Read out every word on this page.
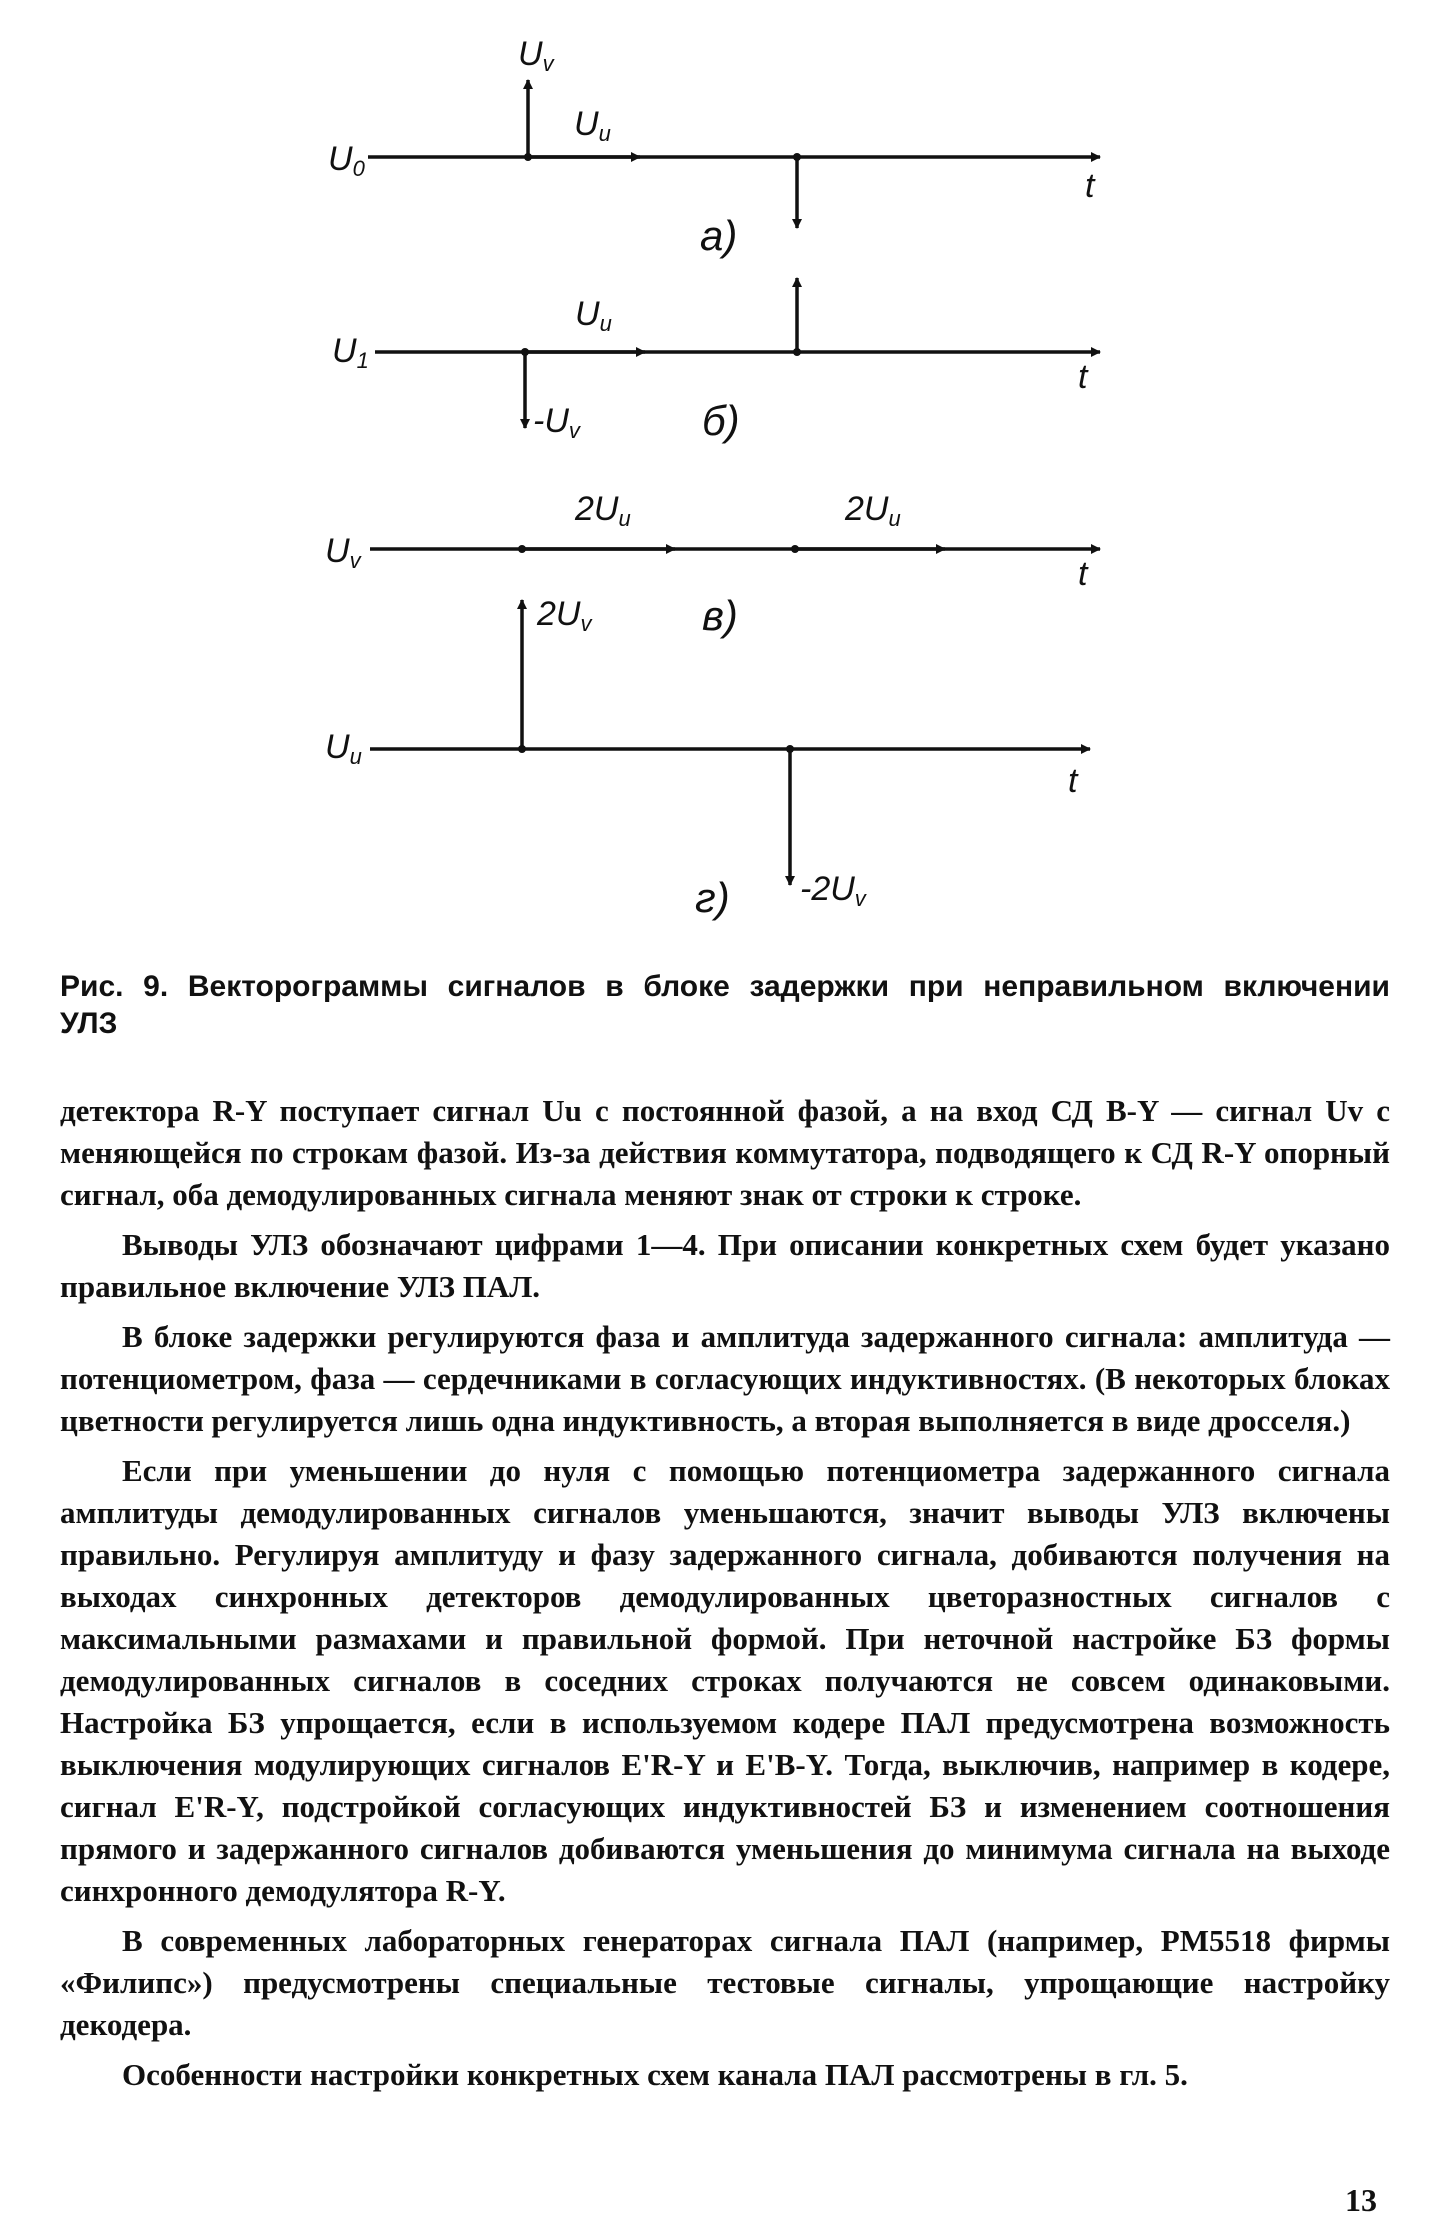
U0
Uv
Uu
t
а)
U1
Uu
-Uv
t
б)
Uv
2Uu	2Uu
t
в)
Uu
2Uv
-2Uv
t
г)
Рис. 9. Векторограммы сигналов в блоке задержки при неправильном включении
УЛЗ

детектора R-Y поступает сигнал Uu с постоянной фазой, а на вход СД B-Y — сигнал Uv с меняющейся по строкам фазой. Из-за действия коммутатора, подводящего к СД R-Y опорный сигнал, оба демодулированных сигнала меняют знак от строки к строке.

Выводы УЛЗ обозначают цифрами 1—4. При описании конкретных схем будет указано правильное включение УЛЗ ПАЛ.

В блоке задержки регулируются фаза и амплитуда задержанного сигнала: амплитуда — потенциометром, фаза — сердечниками в согласующих индуктивностях. (В некоторых блоках цветности регулируется лишь одна индуктивность, а вторая выполняется в виде дросселя.)

Если при уменьшении до нуля с помощью потенциометра задержанного сигнала амплитуды демодулированных сигналов уменьшаются, значит выводы УЛЗ включены правильно. Регулируя амплитуду и фазу задержанного сигнала, добиваются получения на выходах синхронных детекторов демодулированных цветоразностных сигналов с максимальными размахами и правильной формой. При неточной настройке БЗ формы демодулированных сигналов в соседних строках получаются не совсем одинаковыми. Настройка БЗ упрощается, если в используемом кодере ПАЛ предусмотрена возможность выключения модулирующих сигналов E'R-Y и E'B-Y. Тогда, выключив, например в кодере, сигнал E'R-Y, подстройкой согласующих индуктивностей БЗ и изменением соотношения прямого и задержанного сигналов добиваются уменьшения до минимума сигнала на выходе синхронного демодулятора R-Y.

В современных лабораторных генераторах сигнала ПАЛ (например, PM5518 фирмы «Филипс») предусмотрены специальные тестовые сигналы, упрощающие настройку декодера.

Особенности настройки конкретных схем канала ПАЛ рассмотрены в гл. 5.

13
